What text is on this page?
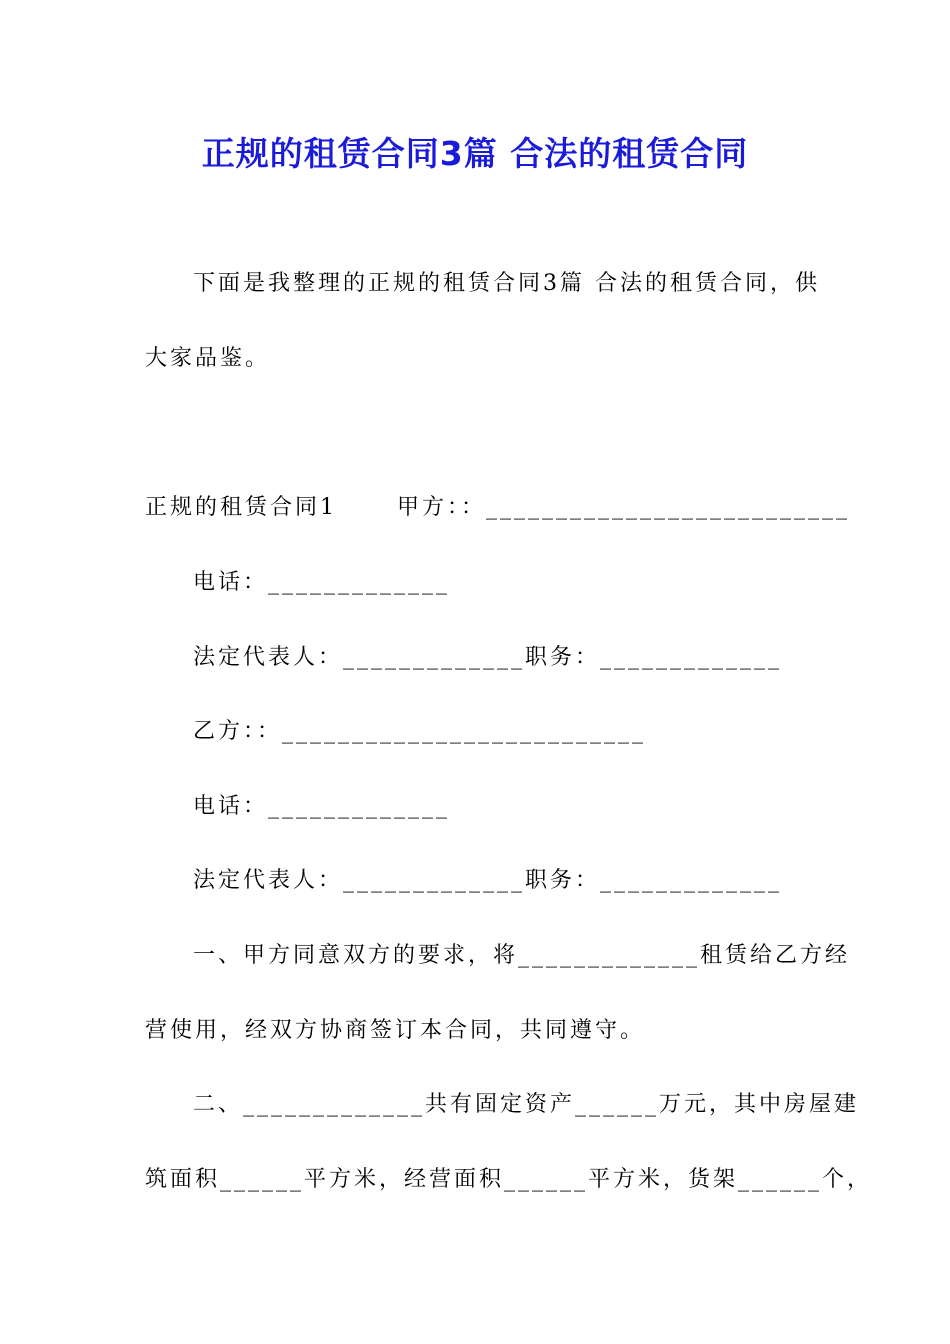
正规的租赁合同3篇 合法的租赁合同
下面是我整理的正规的租赁合同3篇 合法的租赁合同，供
大家品鉴。
正规的租赁合同1      甲方：：__________________________
电话：_____________
法定代表人：_____________职务：_____________
乙方：：__________________________
电话：_____________
法定代表人：_____________职务：_____________
一、甲方同意双方的要求，将_____________租赁给乙方经
营使用，经双方协商签订本合同，共同遵守。
二、_____________共有固定资产______万元，其中房屋建
筑面积______平方米，经营面积______平方米，货架______个，
